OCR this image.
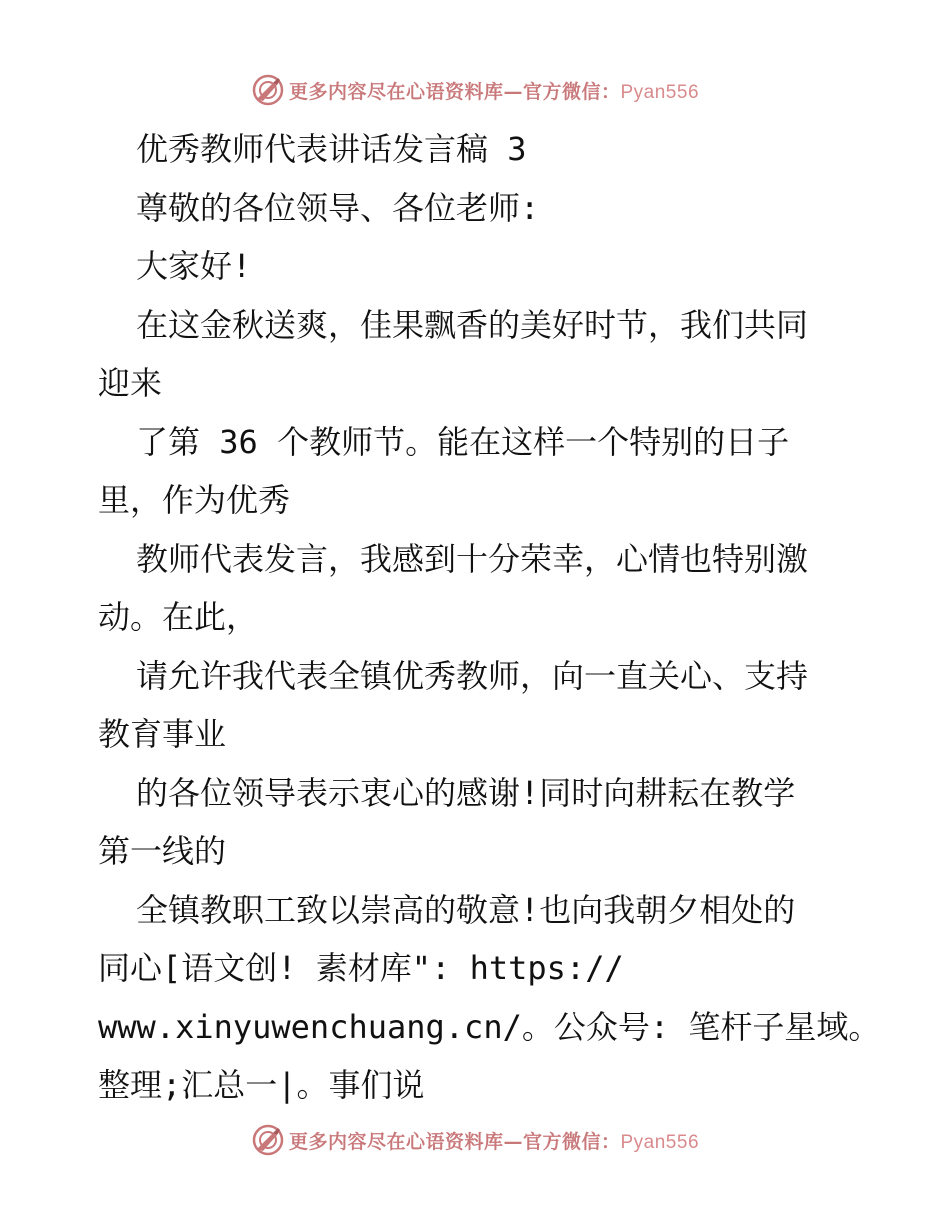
更多内容尽在心语资料库—官方微信：Pyan556
优秀教师代表讲话发言稿 3
尊敬的各位领导、各位老师:
大家好!
在这金秋送爽，佳果飘香的美好时节，我们共同
迎来
了第 36 个教师节。能在这样一个特别的日子
里，作为优秀
教师代表发言，我感到十分荣幸，心情也特别激
动。在此，
请允许我代表全镇优秀教师，向一直关心、支持
教育事业
的各位领导表示衷心的感谢!同时向耕耘在教学
第一线的
全镇教职工致以崇高的敬意!也向我朝夕相处的
同心[语文创! 素材库": https://
www.xinyuwenchuang.cn/。公众号: 笔杆子星域。
整理;汇总一|。事们说
更多内容尽在心语资料库—官方微信：Pyan556
